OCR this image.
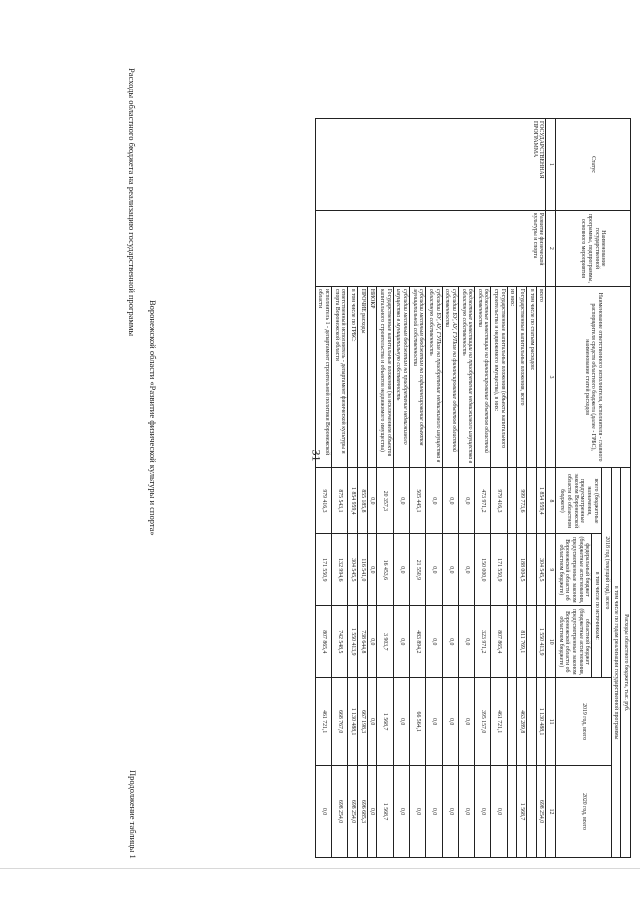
31
Продолжение таблицы 1
Воронежской области «Развитие физической культуры и спорта»
Расходы областного бюджета на реализацию государственной программы	Статус	Наименование государственной программы, подпрограммы, основного мероприятия	Наименование ответственного исполнителя, исполнителя - главного распорядителя средств областного бюджета (далее - ГРБС), наименование статей расходов	Расходы областного бюджета, тыс. руб.				
			в том числе по годам реализации государственной программы				
			2018 год (текущий год), всего			2019 год, всего	2020 год, всего
			всего (бюджетные назначения, предусмотренные законом Воронежской области об областном бюджете)	в том числе по источникам:			
				федеральный бюджет (бюджетные ассигнования, предусмотренные законом Воронежской области об областном бюджете)	областной бюджет (бюджетные ассигнования, предусмотренные законом Воронежской области об областном бюджете)		
1	2	3	8	9	10	11	12
ГОСУДАРСТВЕННАЯ ПРОГРАММА	Развитие физической культуры и спорта	всего	1 854 959,4	304 545,5	1 550 413,9	1 130 488,1	698 254,0
		в том числе по статьям расходов:					
		Государственные капитальные вложения, всего	999 773,6	188 004,5	811 769,1	463 289,8	1 568,7
		из них:					
		Государственные капитальные вложения (объекты капитального строительства и недвижимого имущества), в них:	979 416,3	171 550,9	807 865,4	461 721,1	0,0
		бюджетные инвестиции на финансирование объектов областной собственности	473 971,2	150 000,0	323 971,2	395 157,0	0,0
		бюджетные инвестиции на приобретение недвижимого имущества в областную собственность	0,0	0,0	0,0	0,0	0,0
		субсидии БУ, АУ, ГУПам на финансирование объектов областной собственности	0,0	0,0	0,0	0,0	0,0
		субсидии БУ, АУ, ГУПам на приобретение недвижимого имущества в областную собственность	0,0	0,0	0,0	0,0	0,0
		субсидии местным бюджетам на софинансирование объектов муниципальной собственности	505 445,1	21 550,9	483 894,2	66 564,1	0,0
		субсидии местным бюджетам на приобретение недвижимого имущества в муниципальную собственность	0,0	0,0	0,0	0,0	0,0
		Государственные капитальные вложения (за исключением объектов капитального строительства и объектов недвижимого имущества)	20 357,3	16 453,6	3 903,7	1 568,7	1 568,7
		НИОКР	0,0	0,0	0,0	0,0	0,0
		ПРОЧИЕ расходы	855 185,8	116 541,0	738 644,8	667 198,3	696 685,3
		в том числе по ГРБС:	1 854 959,4	304 545,5	1 550 413,9	1 130 488,1	698 254,0
		ответственный исполнитель - департамент физической культуры и спорта Воронежской области	875 543,1	132 994,6	742 548,5	668 767,0	698 254,0
		исполнитель 1 - департамент строительной политики Воронежской области	979 416,3	171 550,9	807 865,4	461 721,1	0,0
